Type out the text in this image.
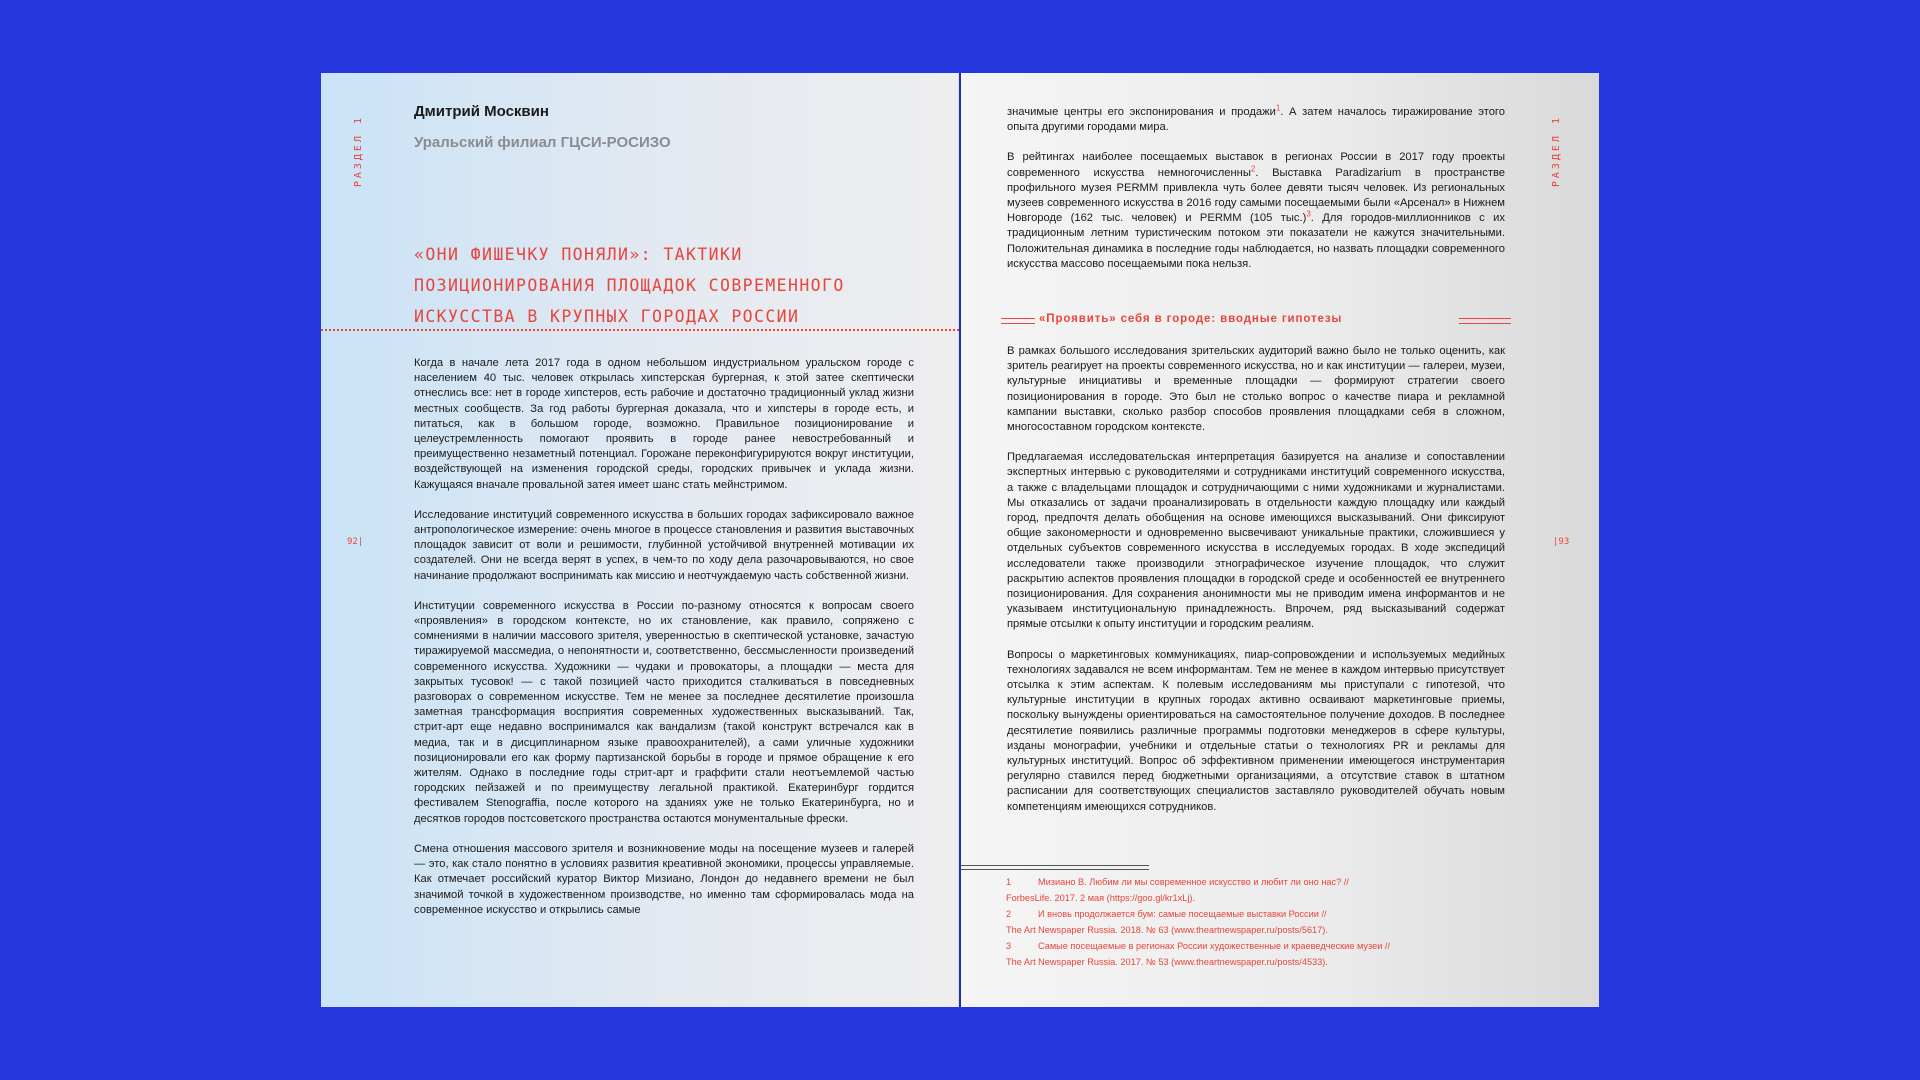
РАЗДЕЛ 1
92|
Дмитрий Москвин
Уральский филиал ГЦСИ-РОСИЗО
«ОНИ ФИШЕЧКУ ПОНЯЛИ»: ТАКТИКИ ПОЗИЦИОНИРОВАНИЯ ПЛОЩАДОК СОВРЕМЕННОГО ИСКУССТВА В КРУПНЫХ ГОРОДАХ РОССИИ

Когда в начале лета 2017 года в одном небольшом индустриальном уральском городе с населением 40 тыс. человек открылась хипстерская бургерная, к этой затее скептически отнеслись все: нет в городе хипстеров, есть рабочие и достаточно традиционный уклад жизни местных сообществ. За год работы бургерная доказала, что и хипстеры в городе есть, и питаться, как в большом городе, возможно. Правильное позиционирование и целеустремленность помогают проявить в городе ранее невостребованный и преимущественно незаметный потенциал. Горожане переконфигурируются вокруг институции, воздействующей на изменения городской среды, городских привычек и уклада жизни. Кажущаяся вначале провальной затея имеет шанс стать мейнстримом.

Исследование институций современного искусства в больших городах зафиксировало важное антропологическое измерение: очень многое в процессе становления и развития выставочных площадок зависит от воли и решимости, глубинной устойчивой внутренней мотивации их создателей. Они не всегда верят в успех, в чем-то по ходу дела разочаровываются, но свое начинание продолжают воспринимать как миссию и неотчуждаемую часть собственной жизни.

Институции современного искусства в России по-разному относятся к вопросам своего «проявления» в городском контексте, но их становление, как правило, сопряжено с сомнениями в наличии массового зрителя, уверенностью в скептической установке, зачастую тиражируемой массмедиа, о непонятности и, соответственно, бессмысленности произведений современного искусства. Художники — чудаки и провокаторы, а площадки — места для закрытых тусовок! — с такой позицией часто приходится сталкиваться в повседневных разговорах о современном искусстве. Тем не менее за последнее десятилетие произошла заметная трансформация восприятия современных художественных высказываний. Так, стрит-арт еще недавно воспринимался как вандализм (такой конструкт встречался как в медиа, так и в дисциплинарном языке правоохранителей), а сами уличные художники позиционировали его как форму партизанской борьбы в городе и прямое обращение к его жителям. Однако в последние годы стрит-арт и граффити стали неотъемлемой частью городских пейзажей и по преимуществу легальной практикой. Екатеринбург гордится фестивалем Stenograffia, после которого на зданиях уже не только Екатеринбурга, но и десятков городов постсоветского пространства остаются монументальные фрески.

Смена отношения массового зрителя и возникновение моды на посещение музеев и галерей — это, как стало понятно в условиях развития креативной экономики, процессы управляемые. Как отмечает российский куратор Виктор Мизиано, Лондон до недавнего времени не был значимой точкой в художественном производстве, но именно там сформировалась мода на современное искусство и открылись самые

РАЗДЕЛ 1
|93

значимые центры его экспонирования и продажи$^1$. А затем началось тиражирование этого опыта другими городами мира.

В рейтингах наиболее посещаемых выставок в регионах России в 2017 году проекты современного искусства немногочисленны$^2$. Выставка Paradizarium в пространстве профильного музея PERMM привлекла чуть более девяти тысяч человек. Из региональных музеев современного искусства в 2016 году самыми посещаемыми были «Арсенал» в Нижнем Новгороде (162 тыс. человек) и PERMM (105 тыс.)$^3$. Для городов-миллионников с их традиционным летним туристическим потоком эти показатели не кажутся значительными. Положительная динамика в последние годы наблюдается, но назвать площадки современного искусства массово посещаемыми пока нельзя.

«Проявить» себя в городе: вводные гипотезы

В рамках большого исследования зрительских аудиторий важно было не только оценить, как зритель реагирует на проекты современного искусства, но и как институции — галереи, музеи, культурные инициативы и временные площадки — формируют стратегии своего позиционирования в городе. Это был не столько вопрос о качестве пиара и рекламной кампании выставки, сколько разбор способов проявления площадками себя в сложном, многосоставном городском контексте.

Предлагаемая исследовательская интерпретация базируется на анализе и сопоставлении экспертных интервью с руководителями и сотрудниками институций современного искусства, а также с владельцами площадок и сотрудничающими с ними художниками и журналистами. Мы отказались от задачи проанализировать в отдельности каждую площадку или каждый город, предпочтя делать обобщения на основе имеющихся высказываний. Они фиксируют общие закономерности и одновременно высвечивают уникальные практики, сложившиеся у отдельных субъектов современного искусства в исследуемых городах. В ходе экспедиций исследователи также производили этнографическое изучение площадок, что служит раскрытию аспектов проявления площадки в городской среде и особенностей ее внутреннего позиционирования. Для сохранения анонимности мы не приводим имена информантов и не указываем институциональную принадлежность. Впрочем, ряд высказываний содержат прямые отсылки к опыту институции и городским реалиям.

Вопросы о маркетинговых коммуникациях, пиар-сопровождении и используемых медийных технологиях задавался не всем информантам. Тем не менее в каждом интервью присутствует отсылка к этим аспектам. К полевым исследованиям мы приступали с гипотезой, что культурные институции в крупных городах активно осваивают маркетинговые приемы, поскольку вынуждены ориентироваться на самостоятельное получение доходов. В последнее десятилетие появились различные программы подготовки менеджеров в сфере культуры, изданы монографии, учебники и отдельные статьи о технологиях PR и рекламы для культурных институций. Вопрос об эффективном применении имеющегося инструментария регулярно ставился перед бюджетными организациями, а отсутствие ставок в штатном расписании для соответствующих специалистов заставляло руководителей обучать новым компетенциям имеющихся сотрудников.

1	Мизиано В. Любим ли мы современное искусство и любит ли оно нас? //
ForbesLife. 2017. 2 мая (https://goo.gl/kr1xLj).
2	И вновь продолжается бум: самые посещаемые выставки России //
The Art Newspaper Russia. 2018. № 63 (www.theartnewspaper.ru/posts/5617).
3	Самые посещаемые в регионах России художественные и краеведческие музеи //
The Art Newspaper Russia. 2017. № 53 (www.theartnewspaper.ru/posts/4533).
